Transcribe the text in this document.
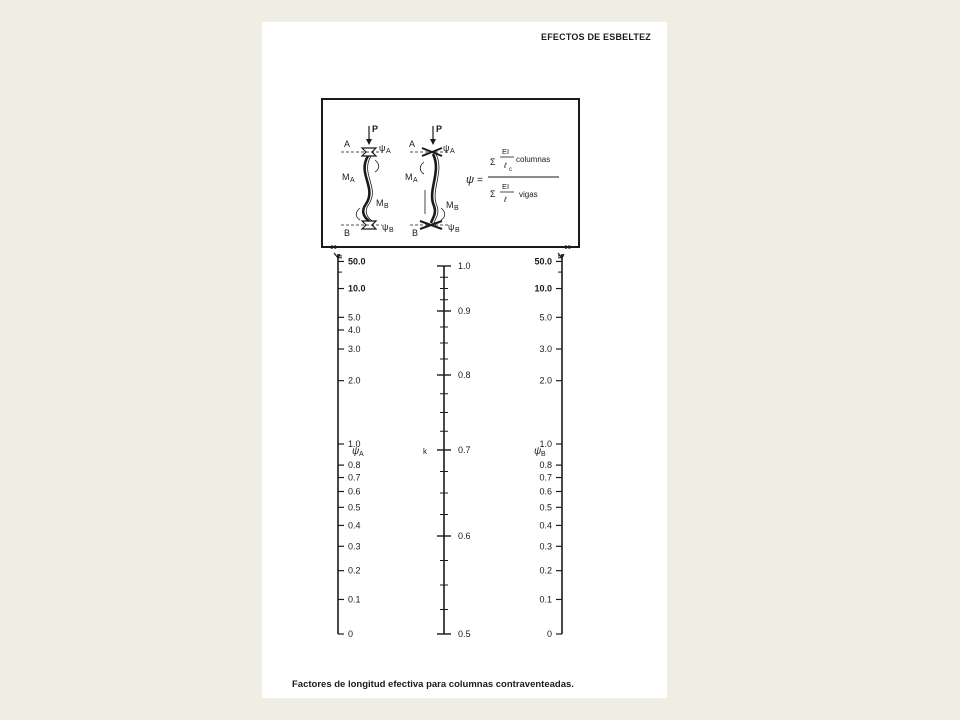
EFECTOS DE ESBELTEZ
P
A
B
ψ A
ψ B
M A
M B
P
A
B
ψ A
ψ B
M A
M B
ψ =
Σ
EI
ℓ c
columnas
Σ
EI
ℓ
vigas
∞
50.0
10.0
5.0
4.0
3.0
2.0
1.0
0.8
0.7
0.6
0.5
0.4
0.3
0.2
0.1
0
1.0
0.9
0.8
0.7
0.6
0.5
∞
50.0
10.0
5.0
3.0
2.0
1.0
0.8
0.7
0.6
0.5
0.4
0.3
0.2
0.1
0
ψ A	k	ψ B
Factores de longitud efectiva para columnas contraventeadas.
